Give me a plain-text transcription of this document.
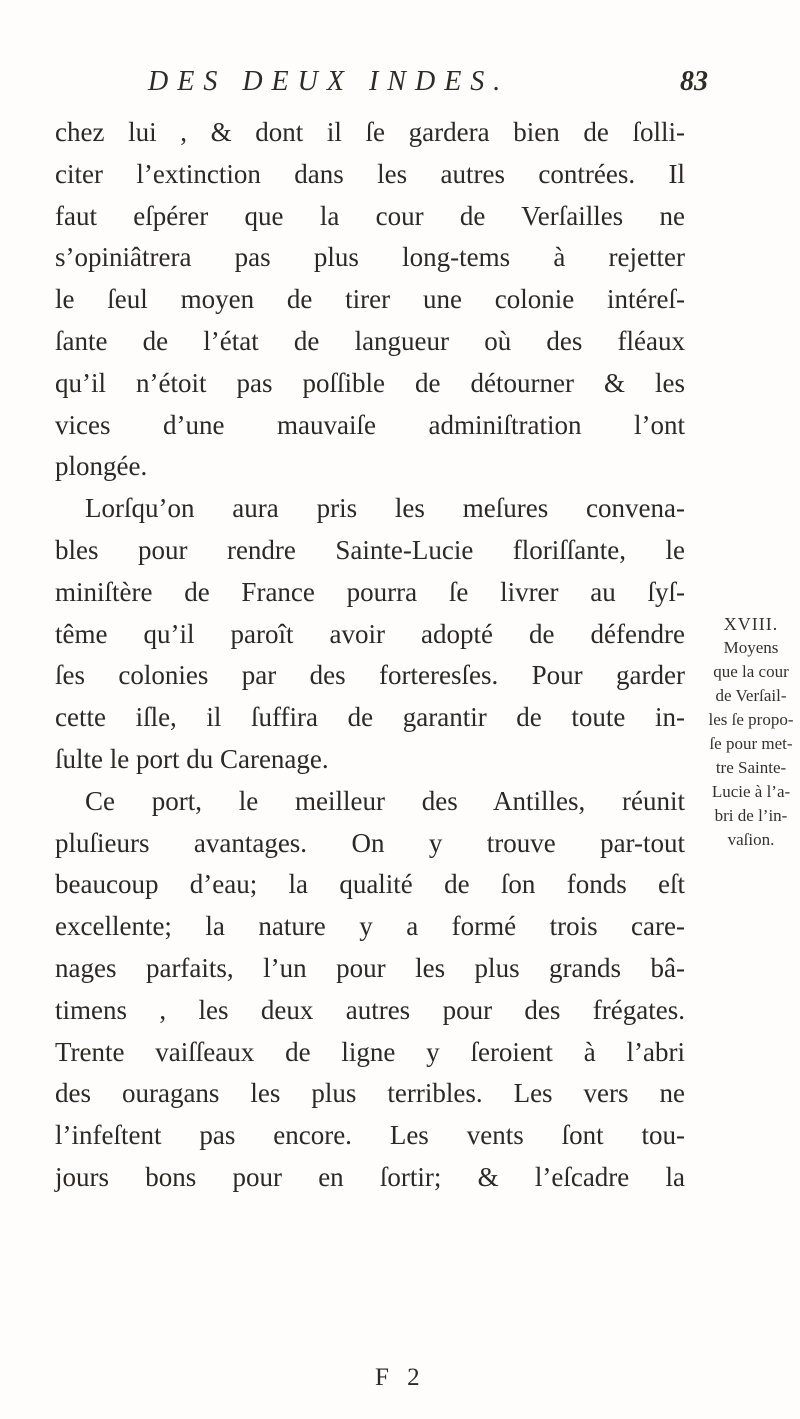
DES DEUX INDES.	83
chez lui , & dont il ſe gardera bien de ſolli-
citer l’extinction dans les autres contrées. Il
faut eſpérer que la cour de Verſailles ne
s’opiniâtrera pas plus long-tems à rejetter
le ſeul moyen de tirer une colonie intéreſ-
ſante de l’état de langueur où des fléaux
qu’il n’étoit pas poſſible de détourner & les
vices d’une mauvaiſe adminiſtration l’ont
plongée.
Lorſqu’on aura pris les meſures convena-
bles pour rendre Sainte-Lucie floriſſante, le
miniſtère de France pourra ſe livrer au ſyſ-
tême qu’il paroît avoir adopté de défendre
ſes colonies par des forteresſes. Pour garder
cette iſle, il ſuffira de garantir de toute in-
ſulte le port du Carenage.
Ce port, le meilleur des Antilles, réunit
pluſieurs avantages. On y trouve par-tout
beaucoup d’eau; la qualité de ſon fonds eſt
excellente; la nature y a formé trois care-
nages parfaits, l’un pour les plus grands bâ-
timens , les deux autres pour des frégates.
Trente vaiſſeaux de ligne y ſeroient à l’abri
des ouragans les plus terribles. Les vers ne
l’infeſtent pas encore. Les vents ſont tou-
jours bons pour en ſortir; & l’eſcadre la
XVIII.
Moyens
que la cour
de Verſail-
les ſe propo-
ſe pour met-
tre Sainte-
Lucie à l’a-
bri de l’in-
vaſion.
F 2
